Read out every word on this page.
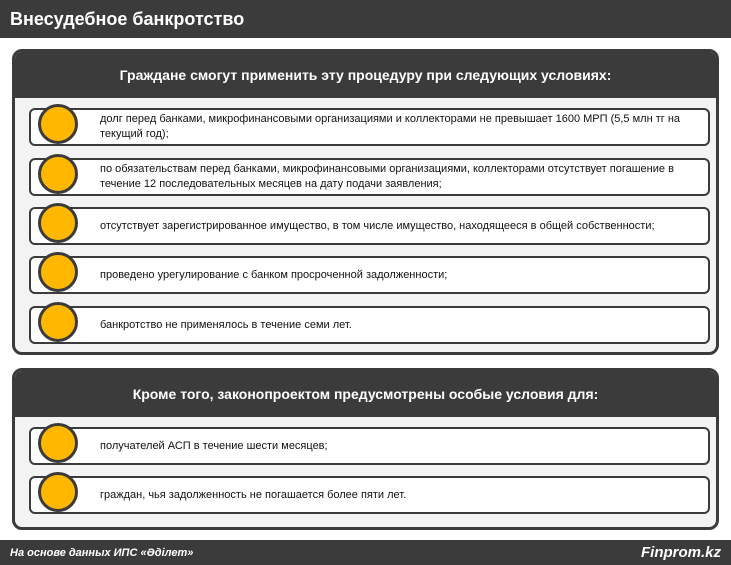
Внесудебное банкротство
Граждане смогут применить эту процедуру при следующих условиях:
долг перед банками, микрофинансовыми организациями и коллекторами не превышает 1600 МРП (5,5 млн тг на текущий год);
по обязательствам перед банками, микрофинансовыми организациями, коллекторами отсутствует погашение в течение 12 последовательных месяцев на дату подачи заявления;
отсутствует зарегистрированное имущество, в том числе имущество, находящееся в общей собственности;
проведено урегулирование с банком просроченной задолженности;
банкротство не применялось в течение семи лет.
Кроме того, законопроектом предусмотрены особые условия для:
получателей АСП в течение шести месяцев;
граждан, чья задолженность не погашается более пяти лет.
На основе данных ИПС «Әділет»	Finprom.kz
